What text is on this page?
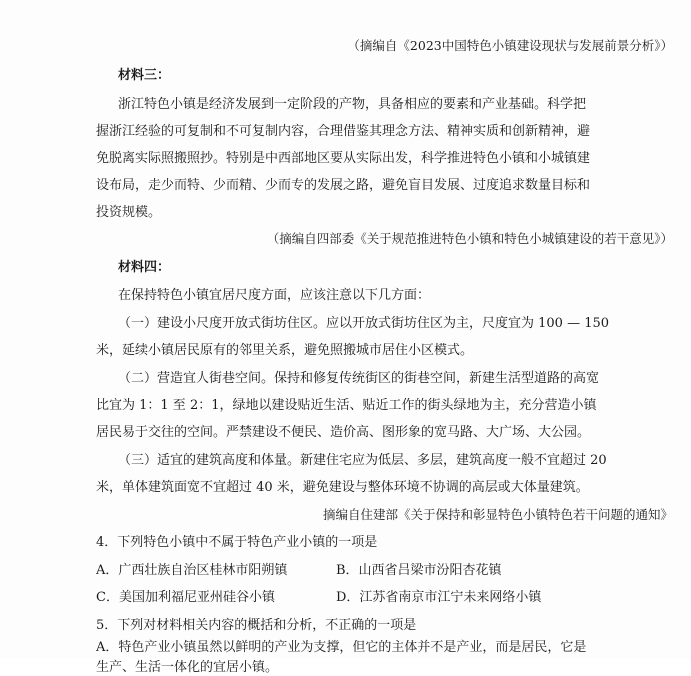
（摘编自《2023中国特色小镇建设现状与发展前景分析》）
材料三：
浙江特色小镇是经济发展到一定阶段的产物，具备相应的要素和产业基础。科学把
握浙江经验的可复制和不可复制内容，合理借鉴其理念方法、精神实质和创新精神，避
免脱离实际照搬照抄。特别是中西部地区要从实际出发，科学推进特色小镇和小城镇建
设布局，走少而特、少而精、少而专的发展之路，避免盲目发展、过度追求数量目标和
投资规模。
（摘编自四部委《关于规范推进特色小镇和特色小城镇建设的若干意见》）
材料四：
在保持特色小镇宜居尺度方面，应该注意以下几方面：
（一）建设小尺度开放式街坊住区。应以开放式街坊住区为主，尺度宜为 100 — 150
米，延续小镇居民原有的邻里关系，避免照搬城市居住小区模式。
（二）营造宜人街巷空间。保持和修复传统街区的街巷空间，新建生活型道路的高宽
比宜为 1：1 至 2：1，绿地以建设贴近生活、贴近工作的街头绿地为主，充分营造小镇
居民易于交往的空间。严禁建设不便民、造价高、图形象的宽马路、大广场、大公园。
（三）适宜的建筑高度和体量。新建住宅应为低层、多层，建筑高度一般不宜超过 20
米，单体建筑面宽不宜超过 40 米，避免建设与整体环境不协调的高层或大体量建筑。
摘编自住建部《关于保持和彰显特色小镇特色若干问题的通知》
4．下列特色小镇中不属于特色产业小镇的一项是
A．广西壮族自治区桂林市阳朔镇	B．山西省吕梁市汾阳杏花镇
C．美国加利福尼亚州硅谷小镇	D．江苏省南京市江宁未来网络小镇
5．下列对材料相关内容的概括和分析，不正确的一项是
A．特色产业小镇虽然以鲜明的产业为支撑，但它的主体并不是产业，而是居民，它是
生产、生活一体化的宜居小镇。
